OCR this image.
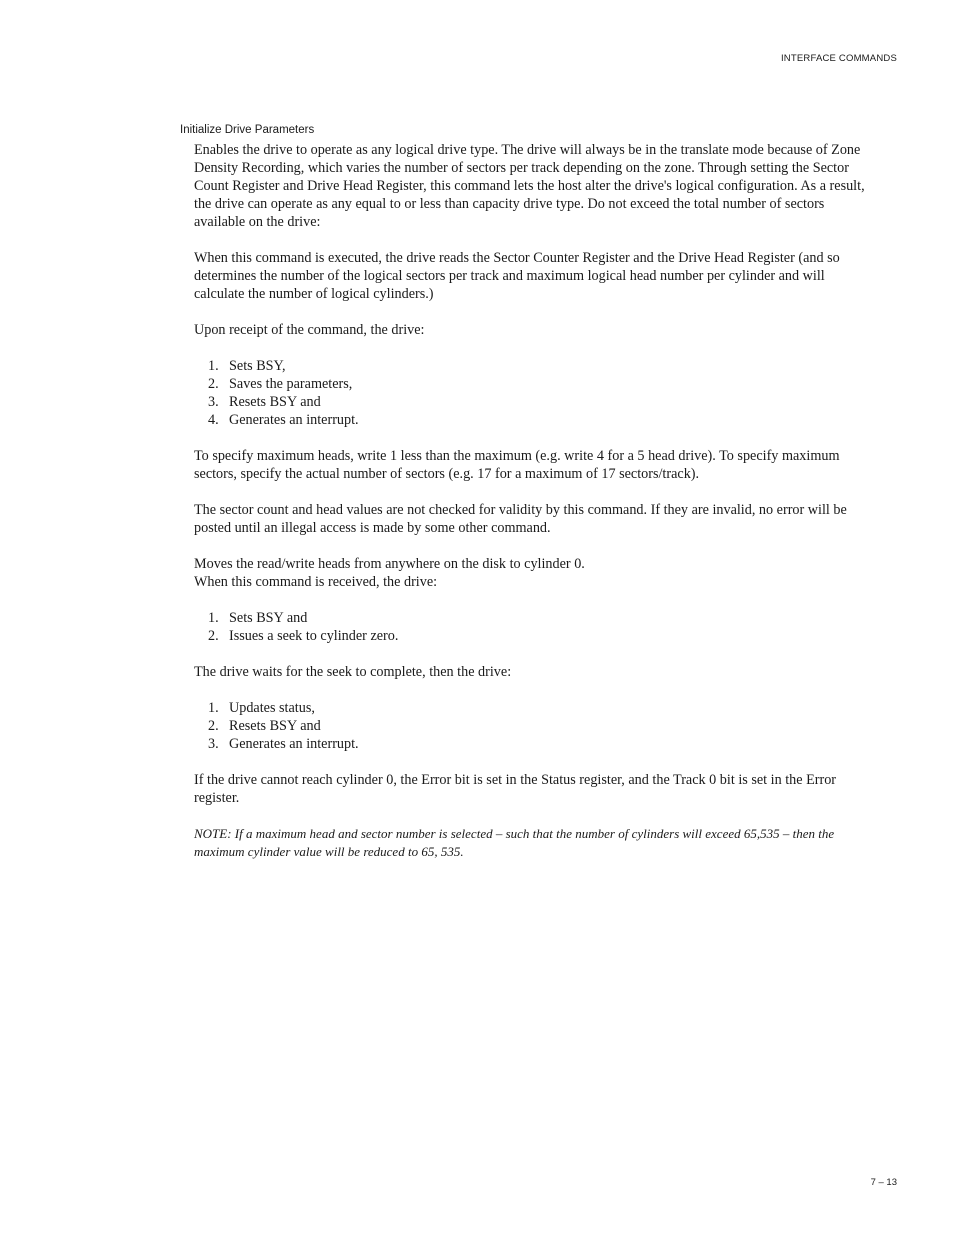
INTERFACE COMMANDS
Initialize Drive Parameters

Enables the drive to operate as any logical drive type. The drive will always be in the translate mode because of Zone Density Recording, which varies the number of sectors per track depending on the zone. Through setting the Sector Count Register and Drive Head Register, this command lets the host alter the drive's logical configuration. As a result, the drive can operate as any equal to or less than capacity drive type. Do not exceed the total number of sectors available on the drive:

When this command is executed, the drive reads the Sector Counter Register and the Drive Head Register (and so determines the number of the logical sectors per track and maximum logical head number per cylinder and will calculate the number of logical cylinders.)

Upon receipt of the command, the drive:

1. Sets BSY,
2. Saves the parameters,
3. Resets BSY and
4. Generates an interrupt.

To specify maximum heads, write 1 less than the maximum (e.g. write 4 for a 5 head drive). To specify maximum sectors, specify the actual number of sectors (e.g. 17 for a maximum of 17 sectors/track).

The sector count and head values are not checked for validity by this command. If they are invalid, no error will be posted until an illegal access is made by some other command.

Moves the read/write heads from anywhere on the disk to cylinder 0.

When this command is received, the drive:

1. Sets BSY and
2. Issues a seek to cylinder zero.

The drive waits for the seek to complete, then the drive:

1. Updates status,
2. Resets BSY and
3. Generates an interrupt.

If the drive cannot reach cylinder 0, the Error bit is set in the Status register, and the Track 0 bit is set in the Error register.

NOTE: If a maximum head and sector number is selected – such that the number of cylinders will exceed 65,535 – then the maximum cylinder value will be reduced to 65, 535.

7 – 13
